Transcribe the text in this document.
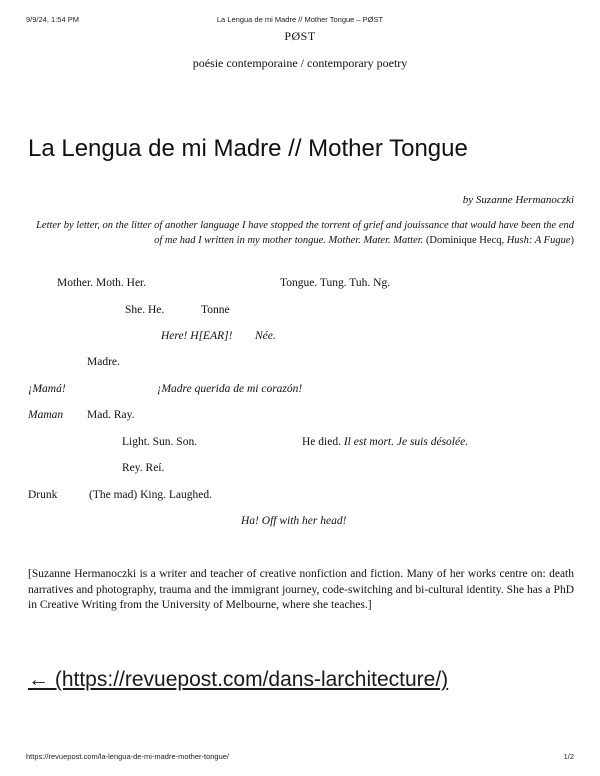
9/9/24, 1:54 PM	La Lengua de mi Madre // Mother Tongue – PØST
PØST
poésie contemporaine / contemporary poetry
La Lengua de mi Madre // Mother Tongue
by Suzanne Hermanoczki
Letter by letter, on the litter of another language I have stopped the torrent of grief and jouissance that would have been the end of me had I written in my mother tongue. Mother. Mater. Matter. (Dominique Hecq, Hush: A Fugue)
Mother. Moth. Her.	Tongue. Tung. Tuh. Ng.
She. He.	Tonne
Here! H[EAR]! Née.
Madre.
¡Mamá!	¡Madre querida de mi corazón!
Maman Mad. Ray.
Light. Sun. Son.	He died. Il est mort. Je suis désolée.
Rey. Reí.
Drunk	(The mad) King. Laughed.
Ha! Off with her head!
[Suzanne Hermanoczki is a writer and teacher of creative nonfiction and fiction. Many of her works centre on: death narratives and photography, trauma and the immigrant journey, code-switching and bi-cultural identity. She has a PhD in Creative Writing from the University of Melbourne, where she teaches.]
← (https://revuepost.com/dans-larchitecture/)
https://revuepost.com/la-lengua-de-mi-madre-mother-tongue/	1/2
